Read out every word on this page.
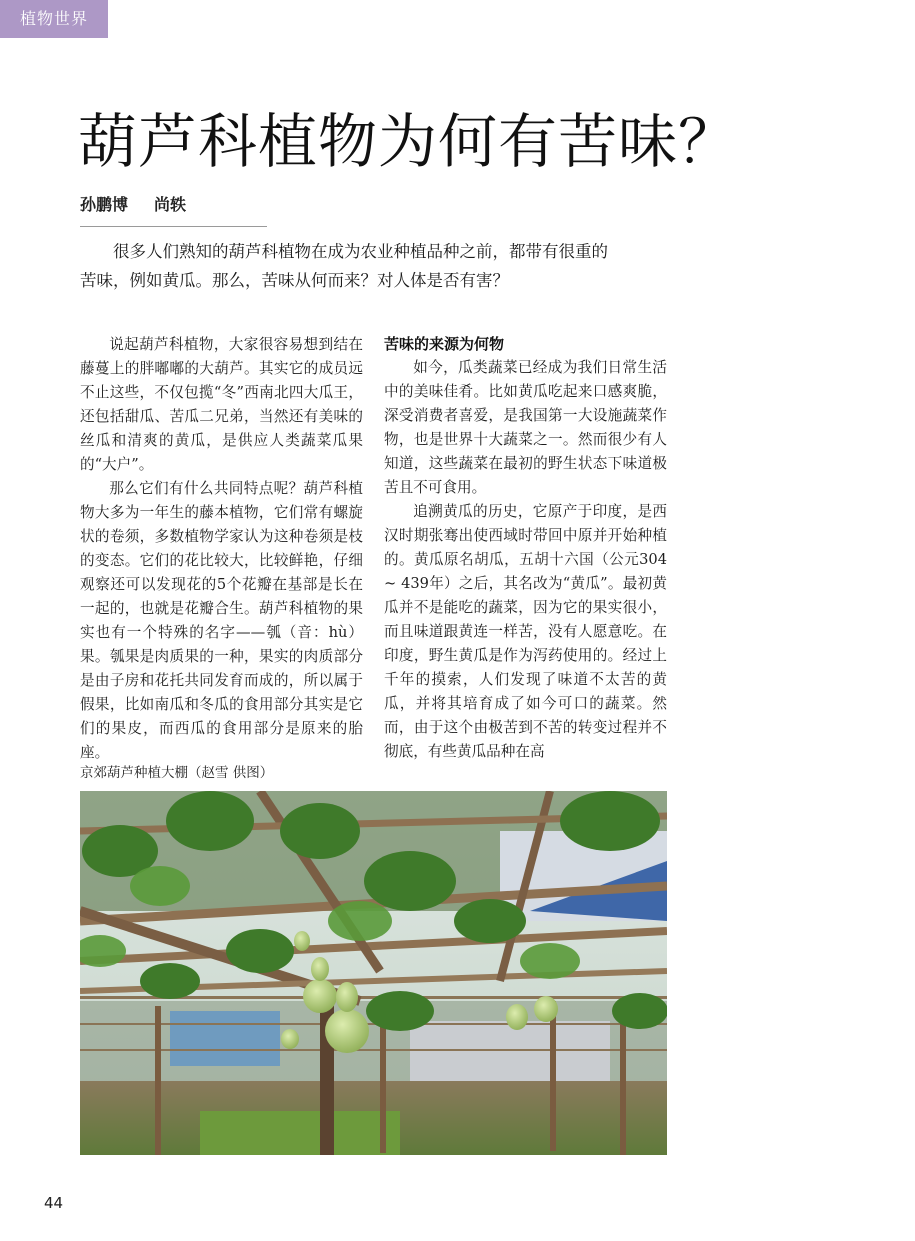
植物世界
葫芦科植物为何有苦味？
孙鹏博 尚轶

很多人们熟知的葫芦科植物在成为农业种植品种之前，都带有很重的苦味，例如黄瓜。那么，苦味从何而来？对人体是否有害？

说起葫芦科植物，大家很容易想到结在藤蔓上的胖嘟嘟的大葫芦。其实它的成员远不止这些，不仅包揽“冬”西南北四大瓜王，还包括甜瓜、苦瓜二兄弟，当然还有美味的丝瓜和清爽的黄瓜，是供应人类蔬菜瓜果的“大户”。

那么它们有什么共同特点呢？葫芦科植物大多为一年生的藤本植物，它们常有螺旋状的卷须，多数植物学家认为这种卷须是枝的变态。它们的花比较大，比较鲜艳，仔细观察还可以发现花的5个花瓣在基部是长在一起的，也就是花瓣合生。葫芦科植物的果实也有一个特殊的名字——瓠（音：hù）果。瓠果是肉质果的一种，果实的肉质部分是由子房和花托共同发育而成的，所以属于假果，比如南瓜和冬瓜的食用部分其实是它们的果皮，而西瓜的食用部分是原来的胎座。

苦味的来源为何物

如今，瓜类蔬菜已经成为我们日常生活中的美味佳肴。比如黄瓜吃起来口感爽脆，深受消费者喜爱，是我国第一大设施蔬菜作物，也是世界十大蔬菜之一。然而很少有人知道，这些蔬菜在最初的野生状态下味道极苦且不可食用。

追溯黄瓜的历史，它原产于印度，是西汉时期张骞出使西域时带回中原并开始种植的。黄瓜原名胡瓜，五胡十六国（公元304 ~ 439年）之后，其名改为“黄瓜”。最初黄瓜并不是能吃的蔬菜，因为它的果实很小，而且味道跟黄连一样苦，没有人愿意吃。在印度，野生黄瓜是作为泻药使用的。经过上千年的摸索，人们发现了味道不太苦的黄瓜，并将其培育成了如今可口的蔬菜。然而，由于这个由极苦到不苦的转变过程并不彻底，有些黄瓜品种在高

京郊葫芦种植大棚（赵雪 供图）
44
